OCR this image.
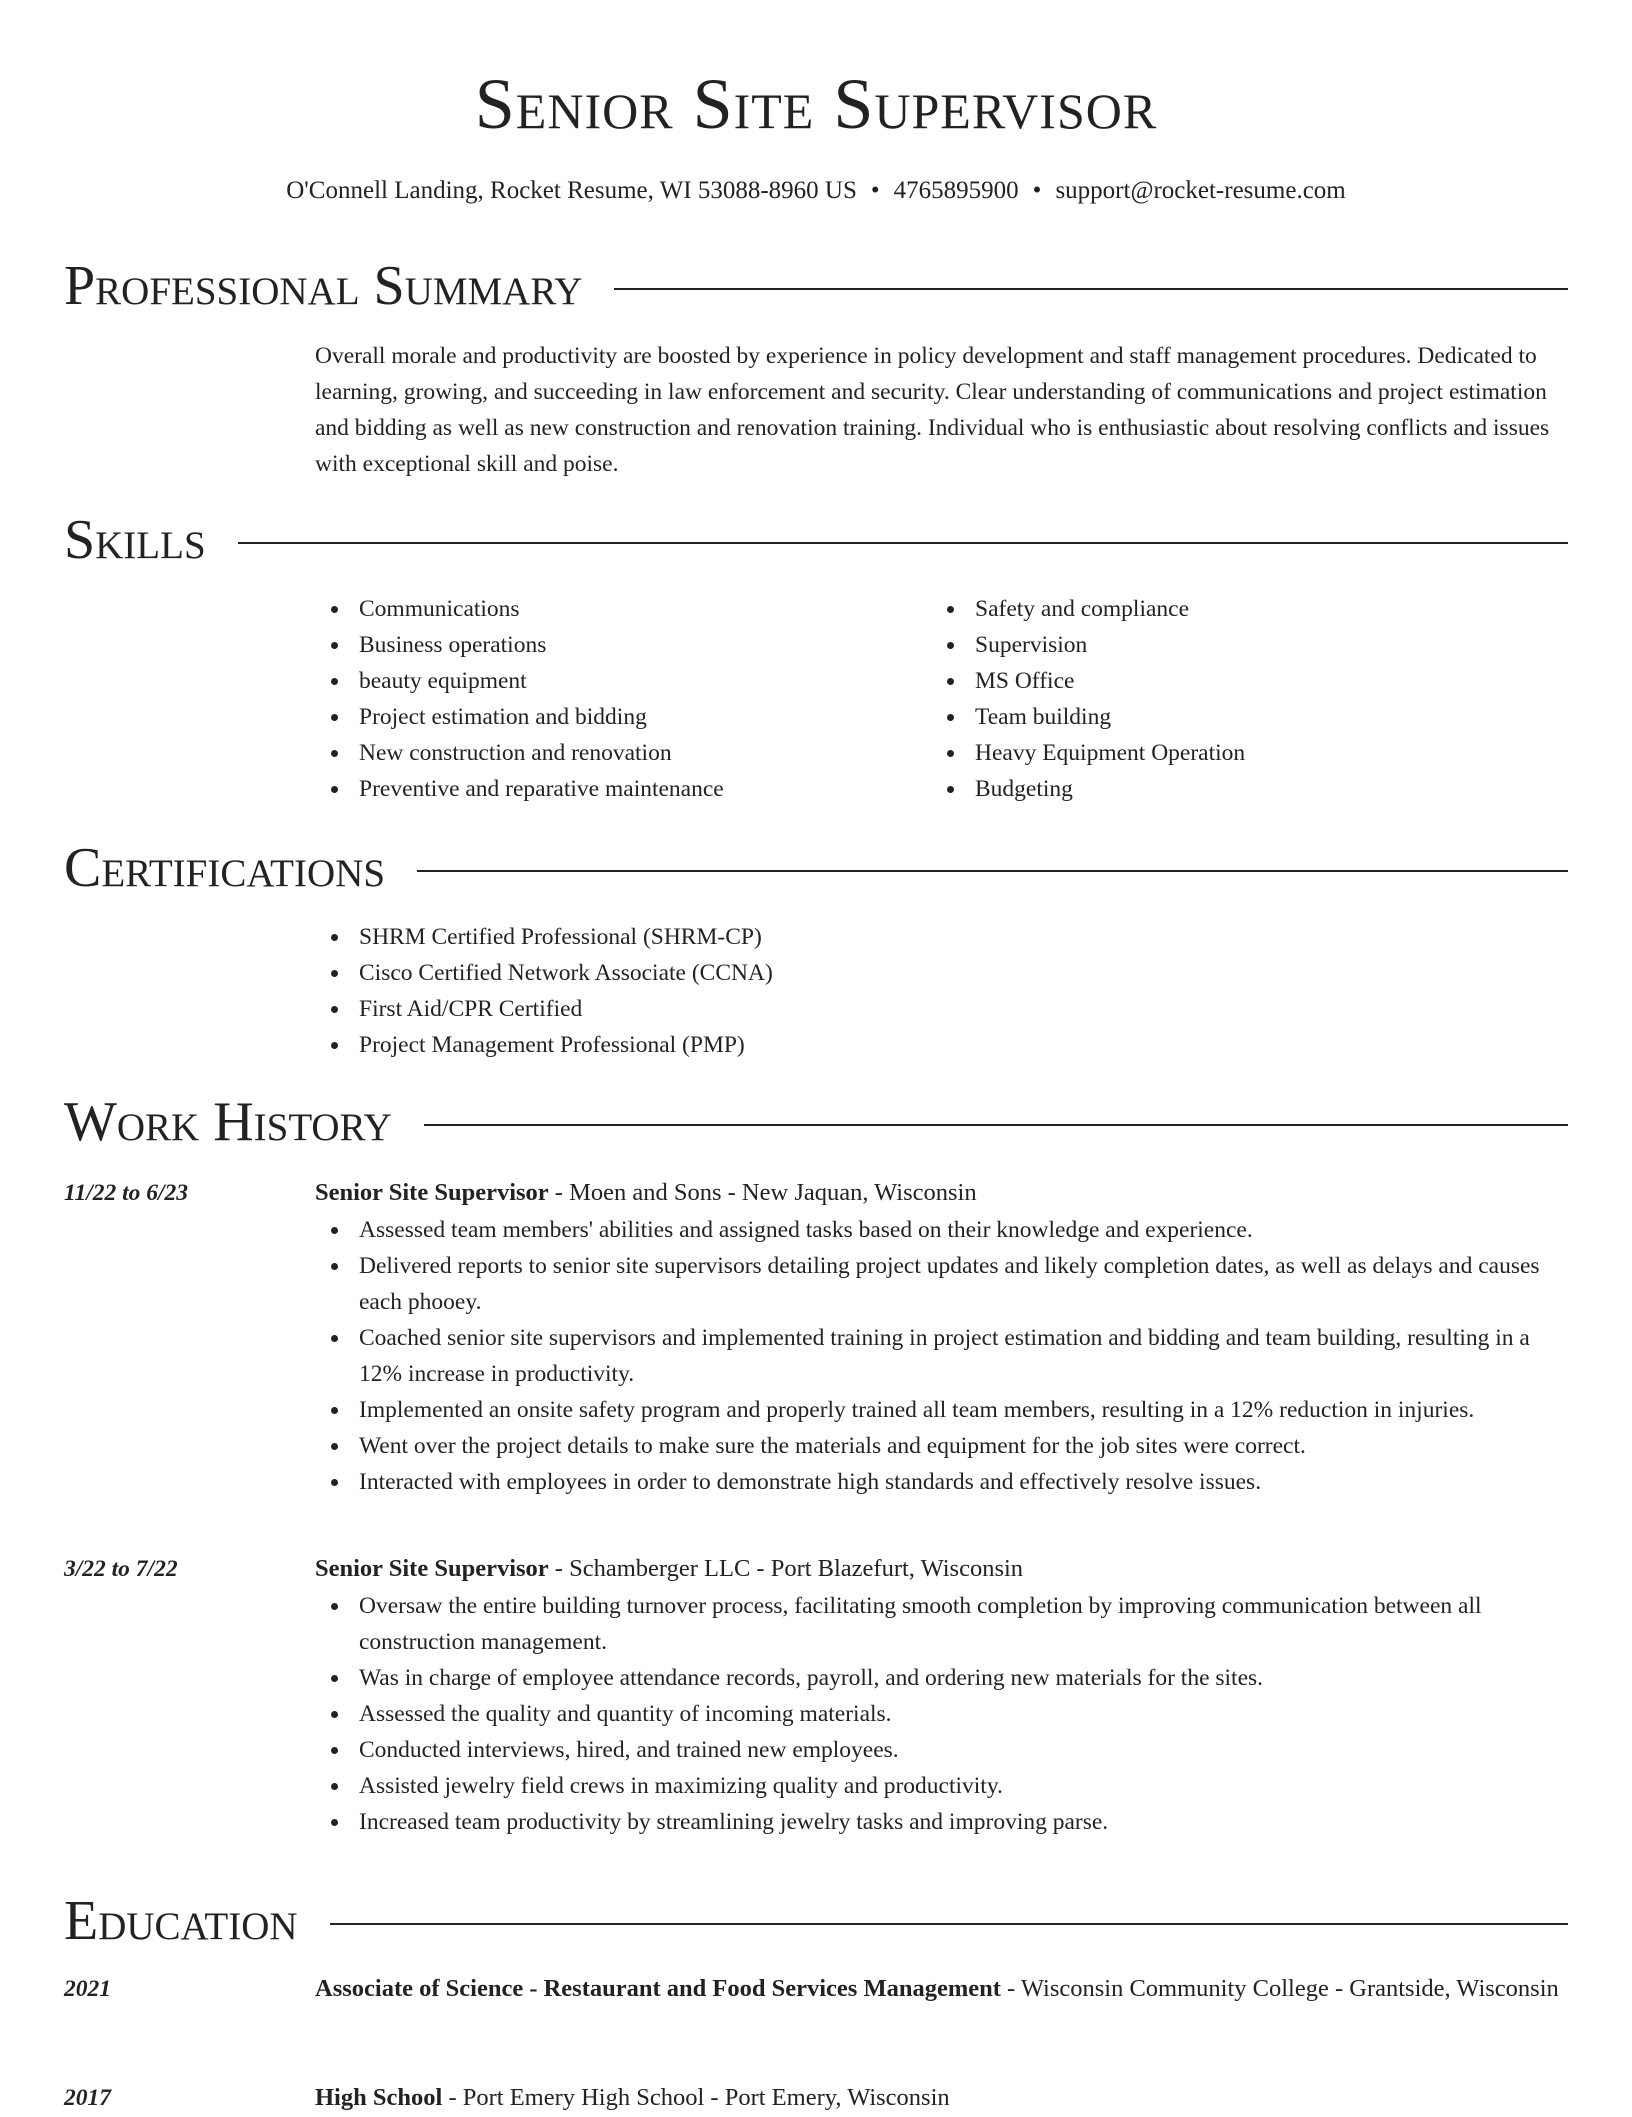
Senior Site Supervisor
O'Connell Landing, Rocket Resume, WI 53088-8960 US • 4765895900 • support@rocket-resume.com
Professional Summary

Overall morale and productivity are boosted by experience in policy development and staff management procedures. Dedicated to learning, growing, and succeeding in law enforcement and security. Clear understanding of communications and project estimation and bidding as well as new construction and renovation training. Individual who is enthusiastic about resolving conflicts and issues with exceptional skill and poise.

Skills
Communications
Business operations
beauty equipment
Project estimation and bidding
New construction and renovation
Preventive and reparative maintenance
Safety and compliance
Supervision
MS Office
Team building
Heavy Equipment Operation
Budgeting
Certifications
SHRM Certified Professional (SHRM-CP)
Cisco Certified Network Associate (CCNA)
First Aid/CPR Certified
Project Management Professional (PMP)
Work History
11/22 to 6/23	Senior Site Supervisor - Moen and Sons - New Jaquan, Wisconsin
Assessed team members' abilities and assigned tasks based on their knowledge and experience.
Delivered reports to senior site supervisors detailing project updates and likely completion dates, as well as delays and causes each phooey.
Coached senior site supervisors and implemented training in project estimation and bidding and team building, resulting in a 12% increase in productivity.
Implemented an onsite safety program and properly trained all team members, resulting in a 12% reduction in injuries.
Went over the project details to make sure the materials and equipment for the job sites were correct.
Interacted with employees in order to demonstrate high standards and effectively resolve issues.
3/22 to 7/22	Senior Site Supervisor - Schamberger LLC - Port Blazefurt, Wisconsin
Oversaw the entire building turnover process, facilitating smooth completion by improving communication between all construction management.
Was in charge of employee attendance records, payroll, and ordering new materials for the sites.
Assessed the quality and quantity of incoming materials.
Conducted interviews, hired, and trained new employees.
Assisted jewelry field crews in maximizing quality and productivity.
Increased team productivity by streamlining jewelry tasks and improving parse.
Education
2021	Associate of Science - Restaurant and Food Services Management - Wisconsin Community College - Grantside, Wisconsin
2017	High School - Port Emery High School - Port Emery, Wisconsin
